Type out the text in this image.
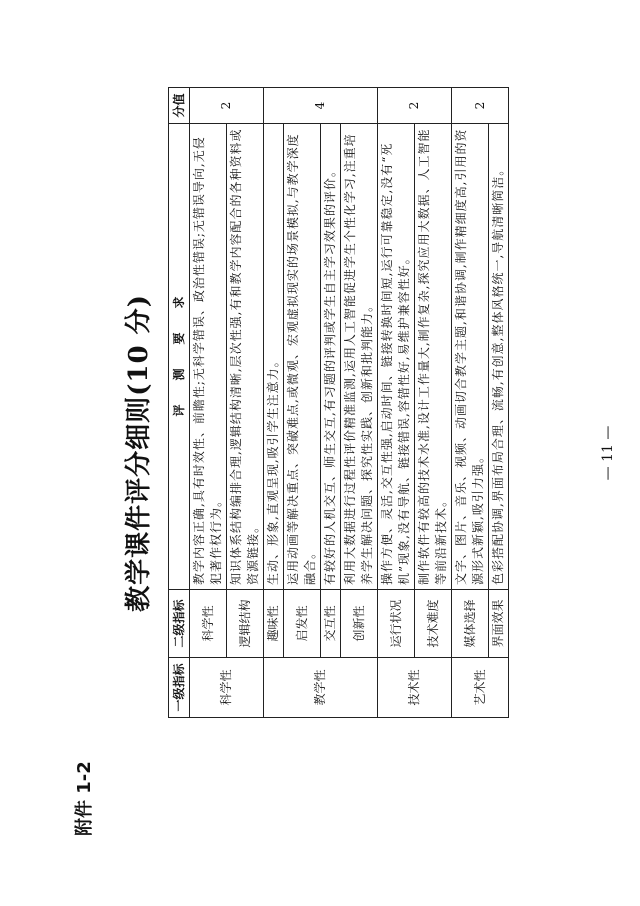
附件 1-2
教学课件评分细则(10 分)
一级指标	二级指标	评　　测　　要　　求	分值
科学性	科学性	教学内容正确,具有时效性、前瞻性;无科学错误、政治性错误;无错误导向,无侵犯著作权行为。	2
	逻辑结构	知识体系结构编排合理,逻辑结构清晰,层次性强,有和教学内容配合的各种资料或资源链接。	
教学性	趣味性	生动、形象,直观呈现,吸引学生注意力。	4
	启发性	运用动画等解决重点、突破难点,或微观、宏观虚拟现实的场景模拟,与教学深度融合。	
	交互性	有较好的人机交互、师生交互,有习题的评判或学生自主学习效果的评价。	
	创新性	利用大数据进行过程性评价精准监测,运用人工智能促进学生个性化学习,注重培养学生解决问题、探究性实践、创新和批判能力。	
技术性	运行状况	操作方便、灵活,交互性强,启动时间、链接转换时间短,运行可靠稳定,没有“死机”现象,没有导航、链接错误,容错性好,易维护兼容性好。	2
	技术难度	制作软件有较高的技术水准,设计工作量大,制作复杂,探究应用大数据、人工智能等前沿新技术。	
艺术性	媒体选择	文字、图片、音乐、视频、动画切合教学主题,和谐协调,制作精细度高,引用的资源形式新颖,吸引力强。	2
	界面效果	色彩搭配协调,界面布局合理、流畅,有创意,整体风格统一,导航清晰简洁。		— 11 —
